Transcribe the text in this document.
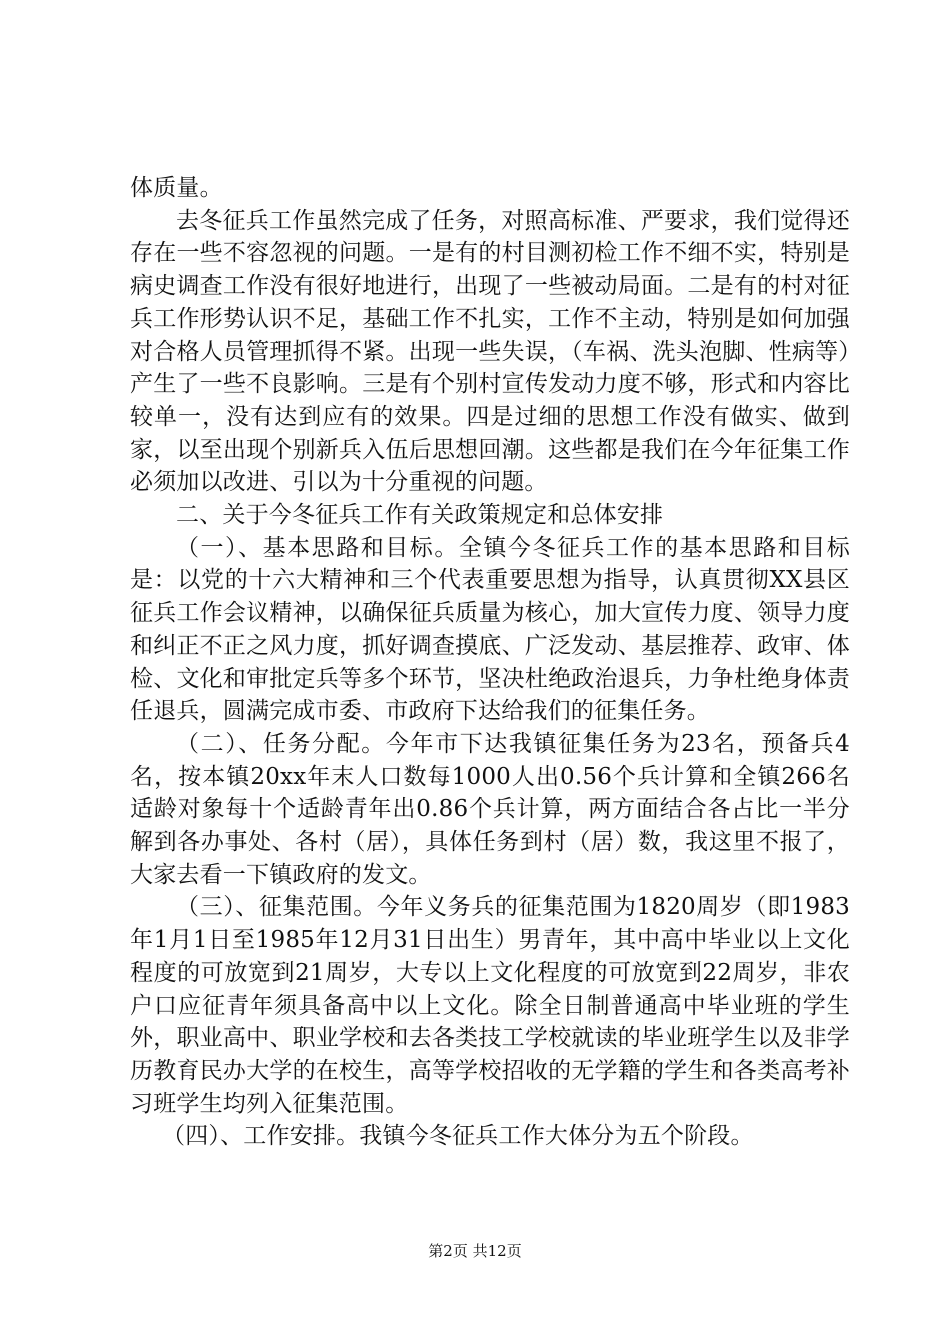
体质量。

去冬征兵工作虽然完成了任务，对照高标准、严要求，我们觉得还存在一些不容忽视的问题。一是有的村目测初检工作不细不实，特别是病史调查工作没有很好地进行，出现了一些被动局面。二是有的村对征兵工作形势认识不足，基础工作不扎实，工作不主动，特别是如何加强对合格人员管理抓得不紧。出现一些失误，（车祸、洗头泡脚、性病等）产生了一些不良影响。三是有个别村宣传发动力度不够，形式和内容比较单一，没有达到应有的效果。四是过细的思想工作没有做实、做到家，以至出现个别新兵入伍后思想回潮。这些都是我们在今年征集工作必须加以改进、引以为十分重视的问题。

二、关于今冬征兵工作有关政策规定和总体安排

（一）、基本思路和目标。全镇今冬征兵工作的基本思路和目标是：以党的十六大精神和三个代表重要思想为指导，认真贯彻XX县区征兵工作会议精神，以确保征兵质量为核心，加大宣传力度、领导力度和纠正不正之风力度，抓好调查摸底、广泛发动、基层推荐、政审、体检、文化和审批定兵等多个环节，坚决杜绝政治退兵，力争杜绝身体责任退兵，圆满完成市委、市政府下达给我们的征集任务。

（二）、任务分配。今年市下达我镇征集任务为23名，预备兵4名，按本镇20xx年末人口数每1000人出0.56个兵计算和全镇266名适龄对象每十个适龄青年出0.86个兵计算，两方面结合各占比一半分解到各办事处、各村（居），具体任务到村（居）数，我这里不报了，大家去看一下镇政府的发文。

（三）、征集范围。今年义务兵的征集范围为1820周岁（即1983年1月1日至1985年12月31日出生）男青年，其中高中毕业以上文化程度的可放宽到21周岁，大专以上文化程度的可放宽到22周岁，非农户口应征青年须具备高中以上文化。除全日制普通高中毕业班的学生外，职业高中、职业学校和去各类技工学校就读的毕业班学生以及非学历教育民办大学的在校生，高等学校招收的无学籍的学生和各类高考补习班学生均列入征集范围。

（四）、工作安排。我镇今冬征兵工作大体分为五个阶段。

第2页 共12页
